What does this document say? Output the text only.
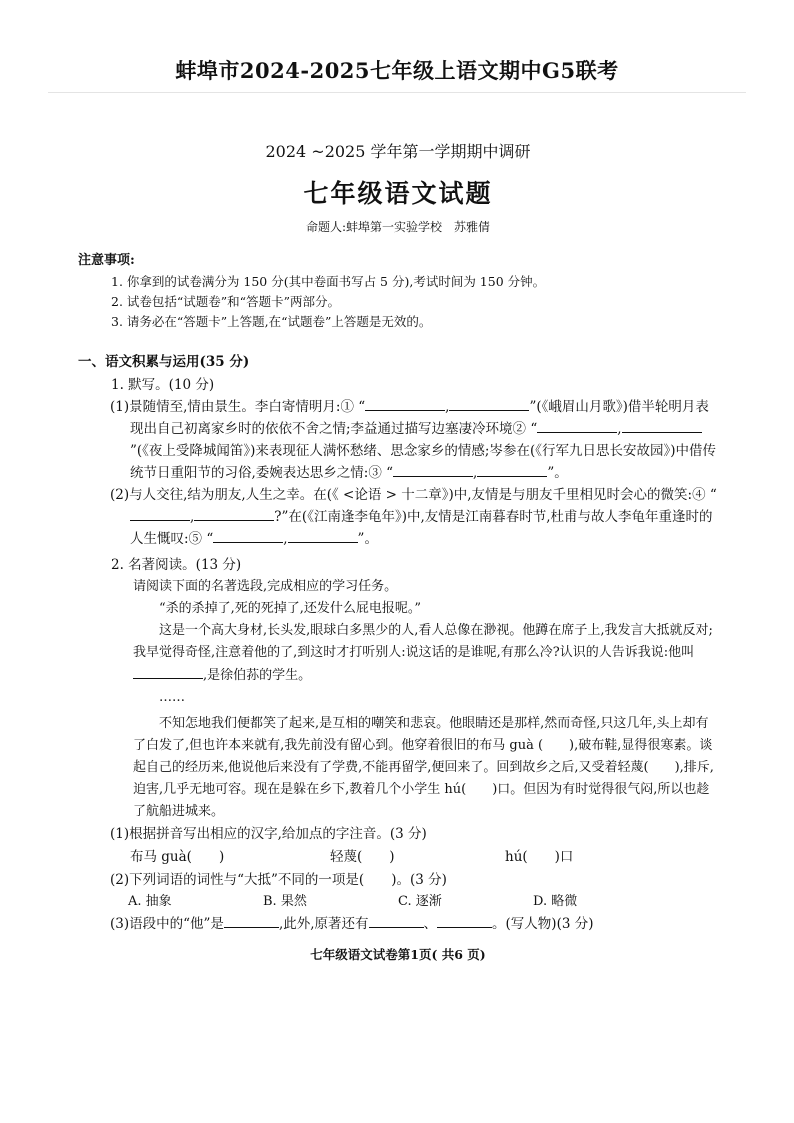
蚌埠市2024-2025七年级上语文期中G5联考
2024 ~2025 学年第一学期期中调研
七年级语文试题
命题人:蚌埠第一实验学校　苏雅倩
注意事项:
1. 你拿到的试卷满分为 150 分(其中卷面书写占 5 分),考试时间为 150 分钟。
2. 试卷包括“试题卷”和“答题卡”两部分。
3. 请务必在“答题卡”上答题,在“试题卷”上答题是无效的。
一、语文积累与运用(35 分)
1. 默写。(10 分)
(1)景随情至,情由景生。李白寄情明月:① “	,	”(《峨眉山月歌》)借半轮明月表现出自己初离家乡时的依依不舍之情;李益通过描写边塞凄冷环境② “	,”(《夜上受降城闻笛》)来表现征人满怀愁绪、思念家乡的情感;岑参在(《行军九日思长安故园》)中借传统节日重阳节的习俗,委婉表达思乡之情:③ “	,	”。
(2)与人交往,结为朋友,人生之幸。在(《 <论语 > 十二章》)中,友情是与朋友千里相见时会心的微笑:④ “,	?”在(《江南逢李龟年》)中,友情是江南暮春时节,杜甫与故人李龟年重逢时的人生慨叹:⑤ “	,	”。
2. 名著阅读。(13 分)
请阅读下面的名著选段,完成相应的学习任务。
“杀的杀掉了,死的死掉了,还发什么屁电报呢。”
这是一个高大身材,长头发,眼球白多黑少的人,看人总像在渺视。他蹲在席子上,我发言大抵就反对;我早觉得奇怪,注意着他的了,到这时才打听别人:说这话的是谁呢,有那么冷?认识的人告诉我说:他叫,是徐伯荪的学生。
……
不知怎地我们便都笑了起来,是互相的嘲笑和悲哀。他眼睛还是那样,然而奇怪,只这几年,头上却有了白发了,但也许本来就有,我先前没有留心到。他穿着很旧的布马 guà (　　),破布鞋,显得很寒素。谈起自己的经历来,他说他后来没有了学费,不能再留学,便回来了。回到故乡之后,又受着轻蔑(　　),排斥,迫害,几乎无地可容。现在是躲在乡下,教着几个小学生 hú(　　)口。但因为有时觉得很气闷,所以也趁了航船进城来。
(1)根据拼音写出相应的汉字,给加点的字注音。(3 分)
布马 guà(　　)	轻蔑(　　)	hú(　　)口
(2)下列词语的词性与“大抵”不同的一项是(　　)。(3 分)
A. 抽象	B. 果然	C. 逐渐	D. 略微
(3)语段中的“他”是	,此外,原著还有	、	。(写人物)(3 分)
七年级语文试卷第1页( 共6 页)
